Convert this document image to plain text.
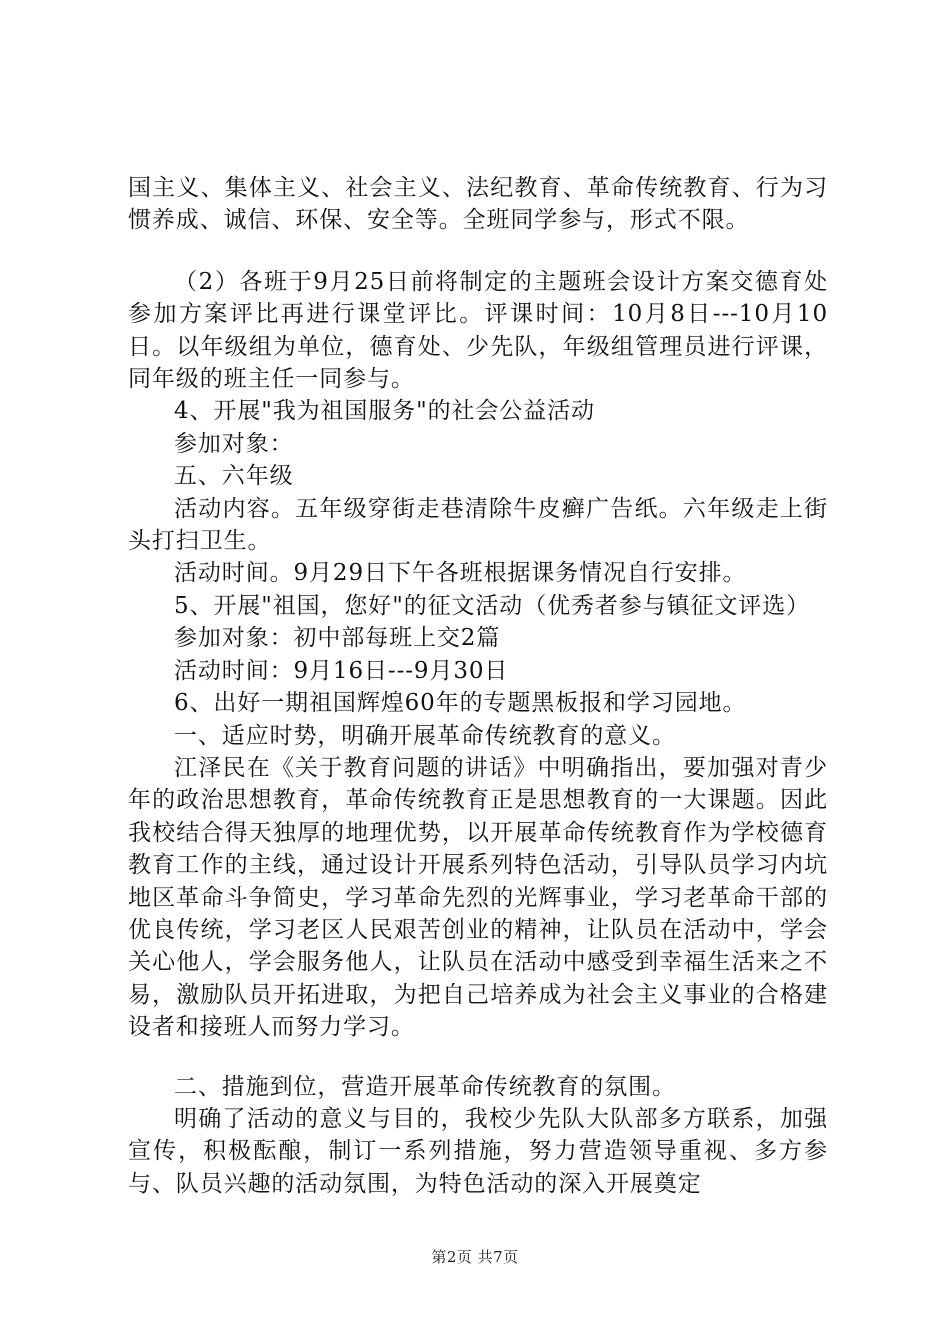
国主义、集体主义、社会主义、法纪教育、革命传统教育、行为习惯养成、诚信、环保、安全等。全班同学参与，形式不限。

（2）各班于9月25日前将制定的主题班会设计方案交德育处参加方案评比再进行课堂评比。评课时间：10月8日---10月10日。以年级组为单位，德育处、少先队，年级组管理员进行评课，同年级的班主任一同参与。

4、开展"我为祖国服务"的社会公益活动

参加对象：

五、六年级

活动内容。五年级穿街走巷清除牛皮癣广告纸。六年级走上街头打扫卫生。

活动时间。9月29日下午各班根据课务情况自行安排。

5、开展"祖国，您好"的征文活动（优秀者参与镇征文评选）

参加对象：初中部每班上交2篇

活动时间：9月16日---9月30日

6、出好一期祖国辉煌60年的专题黑板报和学习园地。

一、适应时势，明确开展革命传统教育的意义。

江泽民在《关于教育问题的讲话》中明确指出，要加强对青少年的政治思想教育，革命传统教育正是思想教育的一大课题。因此我校结合得天独厚的地理优势，以开展革命传统教育作为学校德育教育工作的主线，通过设计开展系列特色活动，引导队员学习内坑地区革命斗争简史，学习革命先烈的光辉事业，学习老革命干部的优良传统，学习老区人民艰苦创业的精神，让队员在活动中，学会关心他人，学会服务他人，让队员在活动中感受到幸福生活来之不易，激励队员开拓进取，为把自己培养成为社会主义事业的合格建设者和接班人而努力学习。

二、措施到位，营造开展革命传统教育的氛围。

明确了活动的意义与目的，我校少先队大队部多方联系，加强宣传，积极酝酿，制订一系列措施，努力营造领导重视、多方参与、队员兴趣的活动氛围，为特色活动的深入开展奠定

第2页 共7页
